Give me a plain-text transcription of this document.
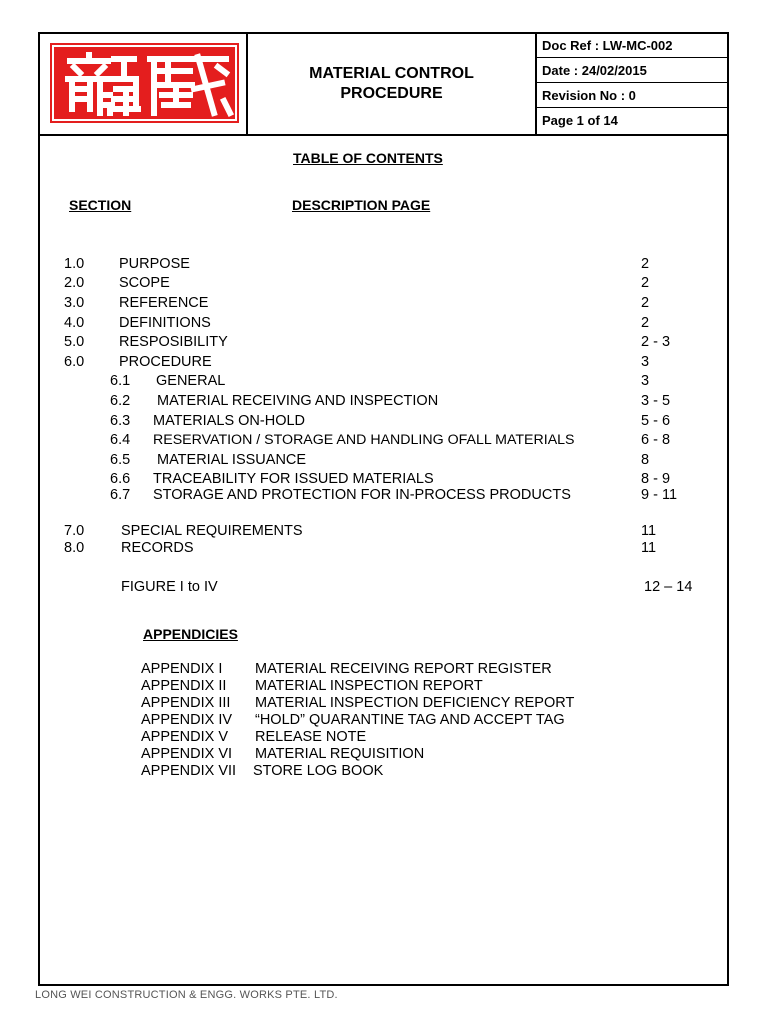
MATERIAL CONTROL
PROCEDURE
Doc Ref : LW-MC-002
Date : 24/02/2015
Revision No : 0
Page 1 of 14
TABLE OF CONTENTS
SECTION	DESCRIPTION PAGE
1.0 PURPOSE	2
2.0 SCOPE	2
3.0 REFERENCE	2
4.0 DEFINITIONS	2
5.0 RESPOSIBILITY	2 - 3
6.0 PROCEDURE	3
6.1 GENERAL	3
6.2 MATERIAL RECEIVING AND INSPECTION	3 - 5
6.3 MATERIALS ON-HOLD	5 - 6
6.4 RESERVATION / STORAGE AND HANDLING OFALL MATERIALS	6 - 8
6.5 MATERIAL ISSUANCE	8
6.6 TRACEABILITY FOR ISSUED MATERIALS	8 - 9
6.7 STORAGE AND PROTECTION FOR IN-PROCESS PRODUCTS	9 - 11
7.0	SPECIAL REQUIREMENTS	11
8.0	RECORDS	11
FIGURE I to IV	12 – 14
APPENDICIES
APPENDIX I MATERIAL RECEIVING REPORT REGISTER
APPENDIX II MATERIAL INSPECTION REPORT
APPENDIX III MATERIAL INSPECTION DEFICIENCY REPORT
APPENDIX IV “HOLD” QUARANTINE TAG AND ACCEPT TAG
APPENDIX V RELEASE NOTE
APPENDIX VI MATERIAL REQUISITION
APPENDIX VII STORE LOG BOOK
LONG WEI CONSTRUCTION & ENGG. WORKS PTE. LTD.
